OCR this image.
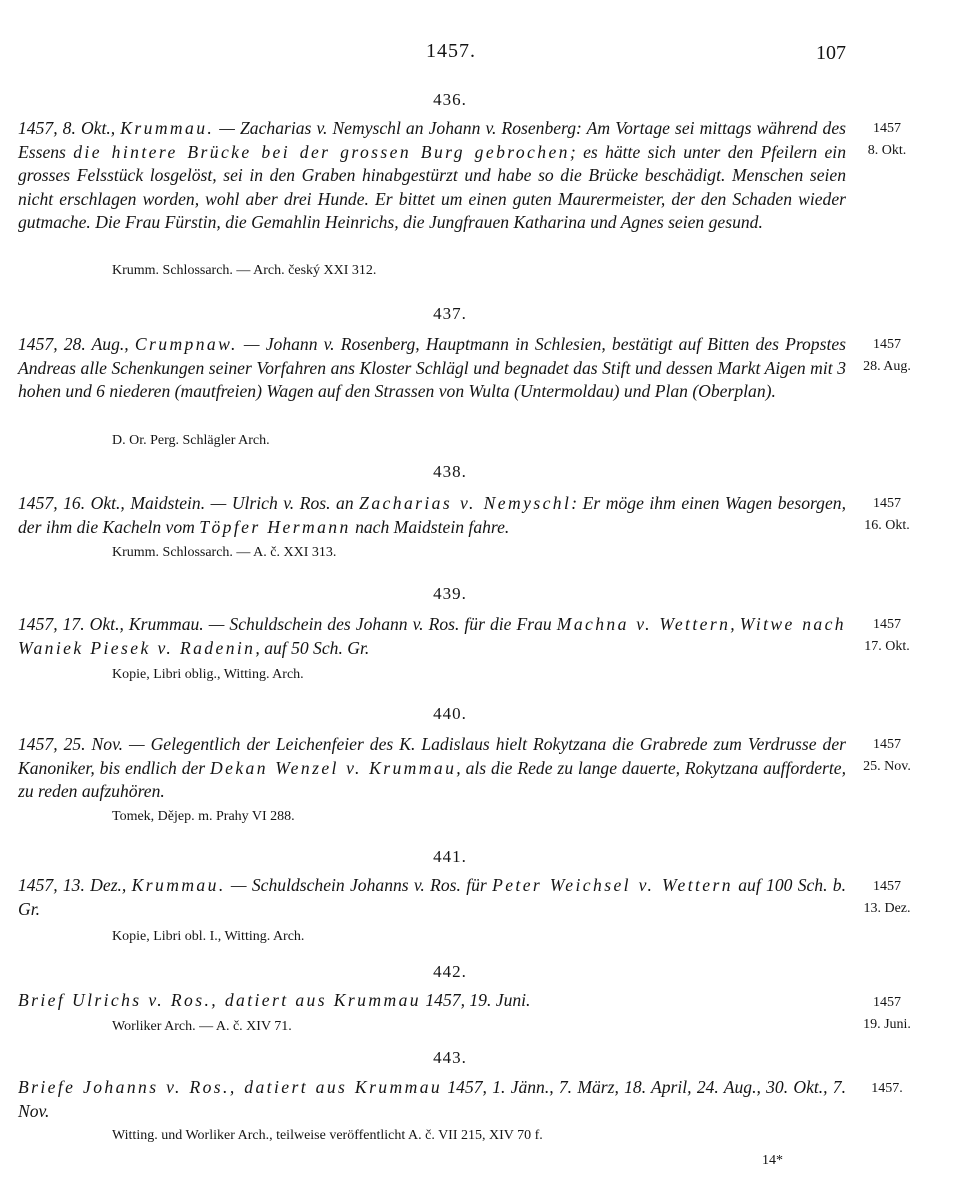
1457.	107
436.

1457, 8. Okt., Krummau. — Zacharias v. Nemyschl an Johann v. Rosenberg: Am Vortage sei mittags während des Essens die hintere Brücke bei der grossen Burg gebrochen; es hätte sich unter den Pfeilern ein grosses Felsstück losgelöst, sei in den Graben hinabgestürzt und habe so die Brücke beschädigt. Menschen seien nicht erschlagen worden, wohl aber drei Hunde. Er bittet um einen guten Maurermeister, der den Schaden wieder gutmache. Die Frau Fürstin, die Gemahlin Heinrichs, die Jungfrauen Katharina und Agnes seien gesund.

Krumm. Schlossarch. — Arch. český XXI 312.
1457
8. Okt.
437.

1457, 28. Aug., Crumpnaw. — Johann v. Rosenberg, Hauptmann in Schlesien, bestätigt auf Bitten des Propstes Andreas alle Schenkungen seiner Vorfahren ans Kloster Schlägl und begnadet das Stift und dessen Markt Aigen mit 3 hohen und 6 niederen (mautfreien) Wagen auf den Strassen von Wulta (Untermoldau) und Plan (Oberplan).

D. Or. Perg. Schlägler Arch.
1457
28. Aug.
438.

1457, 16. Okt., Maidstein. — Ulrich v. Ros. an Zacharias v. Nemyschl: Er möge ihm einen Wagen besorgen, der ihm die Kacheln vom Töpfer Hermann nach Maidstein fahre.

Krumm. Schlossarch. — A. č. XXI 313.
1457
16. Okt.
439.

1457, 17. Okt., Krummau. — Schuldschein des Johann v. Ros. für die Frau Machna v. Wettern, Witwe nach Waniek Piesek v. Radenin, auf 50 Sch. Gr.

Kopie, Libri oblig., Witting. Arch.
1457
17. Okt.
440.

1457, 25. Nov. — Gelegentlich der Leichenfeier des K. Ladislaus hielt Rokytzana die Grabrede zum Verdrusse der Kanoniker, bis endlich der Dekan Wenzel v. Krummau, als die Rede zu lange dauerte, Rokytzana aufforderte, zu reden aufzuhören.

Tomek, Dějep. m. Prahy VI 288.
1457
25. Nov.
441.

1457, 13. Dez., Krummau. — Schuldschein Johanns v. Ros. für Peter Weichsel v. Wettern auf 100 Sch. b. Gr.

Kopie, Libri obl. I., Witting. Arch.
1457
13. Dez.
442.

Brief Ulrichs v. Ros., datiert aus Krummau 1457, 19. Juni.

Worliker Arch. — A. č. XIV 71.
1457
19. Juni.
443.

Briefe Johanns v. Ros., datiert aus Krummau 1457, 1. Jänn., 7. März, 18. April, 24. Aug., 30. Okt., 7. Nov.

Witting. und Worliker Arch., teilweise veröffentlicht A. č. VII 215, XIV 70 f.
1457.
14*
